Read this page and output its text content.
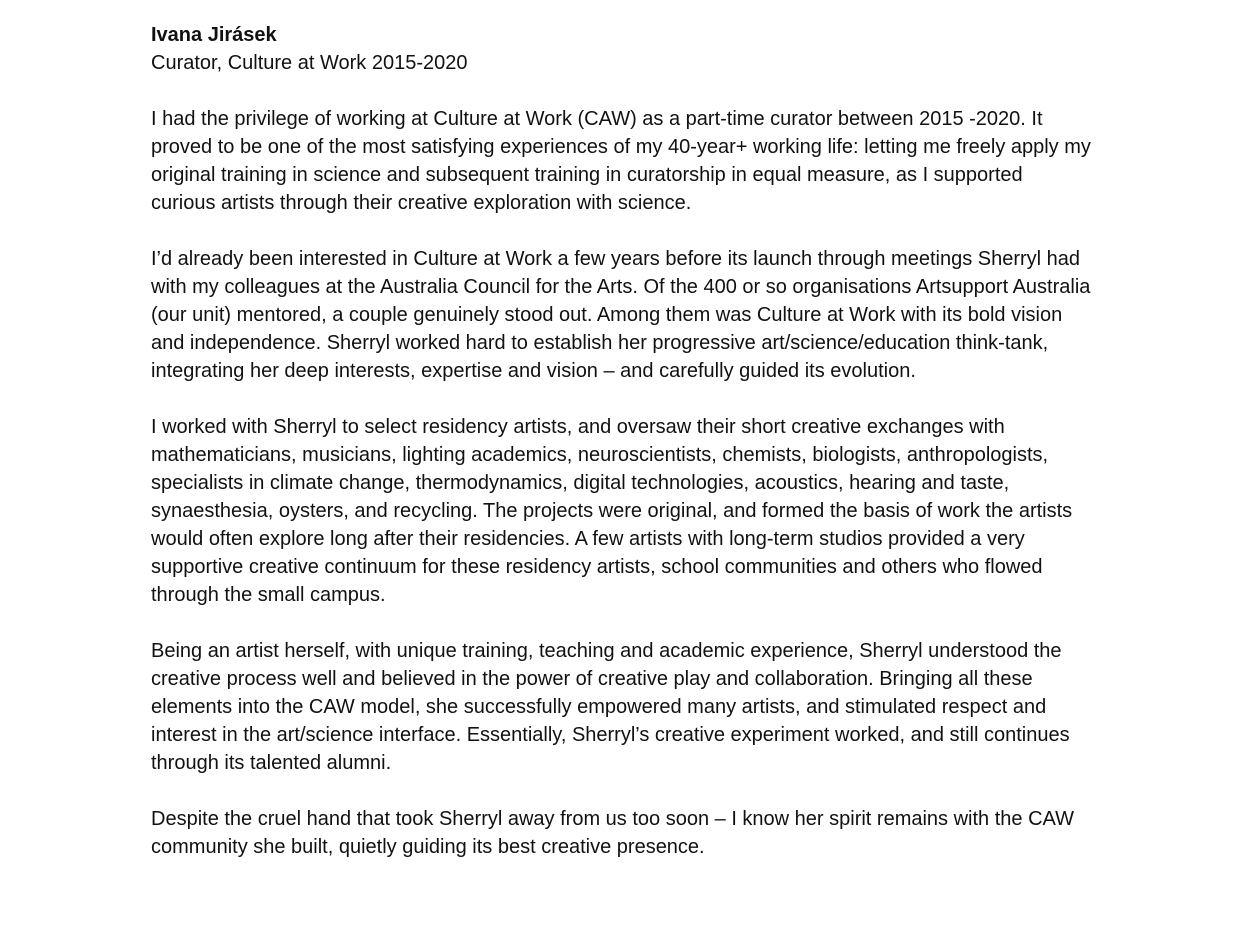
Ivana Jirásek

Curator, Culture at Work 2015-2020

I had the privilege of working at Culture at Work (CAW) as a part-time curator between 2015 -2020. It proved to be one of the most satisfying experiences of my 40-year+ working life: letting me freely apply my original training in science and subsequent training in curatorship in equal measure, as I supported curious artists through their creative exploration with science.

I’d already been interested in Culture at Work a few years before its launch through meetings Sherryl had with my colleagues at the Australia Council for the Arts. Of the 400 or so organisations Artsupport Australia (our unit) mentored, a couple genuinely stood out. Among them was Culture at Work with its bold vision and independence. Sherryl worked hard to establish her progressive art/science/education think-tank, integrating her deep interests, expertise and vision – and carefully guided its evolution.

I worked with Sherryl to select residency artists, and oversaw their short creative exchanges with mathematicians, musicians, lighting academics, neuroscientists, chemists, biologists, anthropologists, specialists in climate change, thermodynamics, digital technologies, acoustics, hearing and taste, synaesthesia, oysters, and recycling. The projects were original, and formed the basis of work the artists would often explore long after their residencies. A few artists with long-term studios provided a very supportive creative continuum for these residency artists, school communities and others who flowed through the small campus.

Being an artist herself, with unique training, teaching and academic experience, Sherryl understood the creative process well and believed in the power of creative play and collaboration. Bringing all these elements into the CAW model, she successfully empowered many artists, and stimulated respect and interest in the art/science interface. Essentially, Sherryl’s creative experiment worked, and still continues through its talented alumni.

Despite the cruel hand that took Sherryl away from us too soon – I know her spirit remains with the CAW community she built, quietly guiding its best creative presence.
